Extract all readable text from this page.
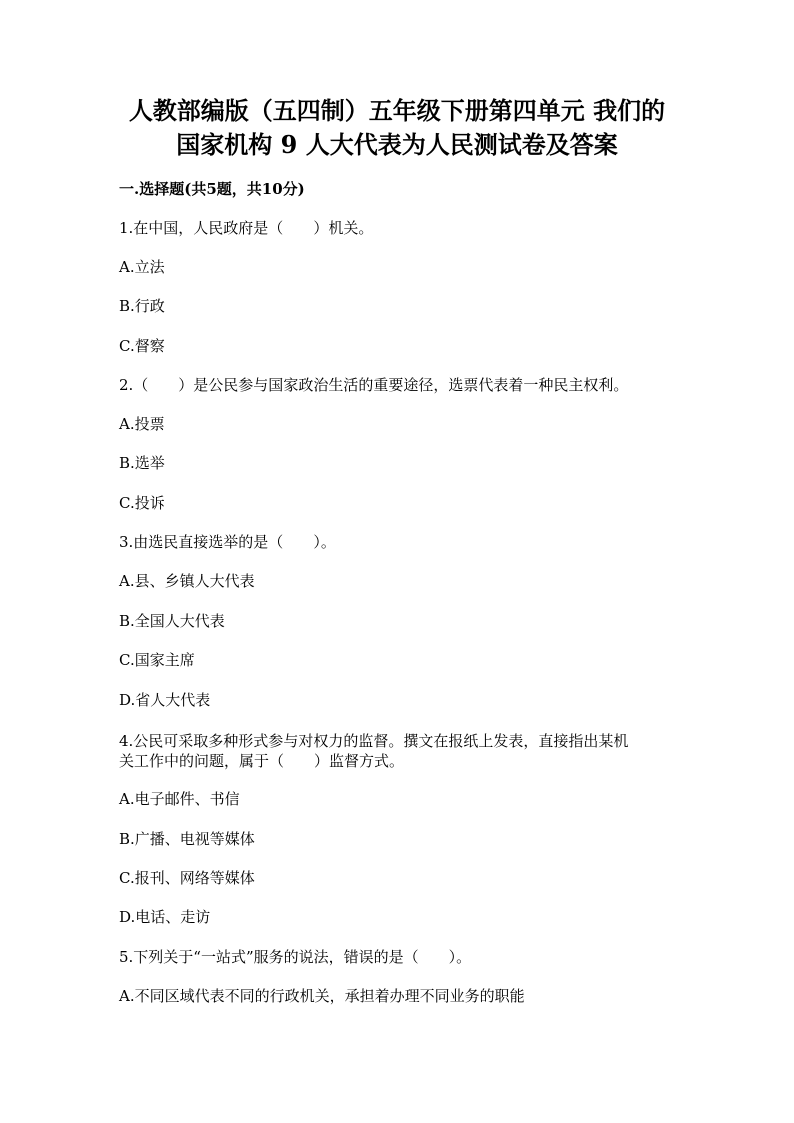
人教部编版（五四制）五年级下册第四单元 我们的
国家机构 9 人大代表为人民测试卷及答案
一.选择题(共5题，共10分)
1.在中国，人民政府是（　　）机关。
A.立法
B.行政
C.督察
2.（　　）是公民参与国家政治生活的重要途径，选票代表着一种民主权利。
A.投票
B.选举
C.投诉
3.由选民直接选举的是（　　）。
A.县、乡镇人大代表
B.全国人大代表
C.国家主席
D.省人大代表
4.公民可采取多种形式参与对权力的监督。撰文在报纸上发表，直接指出某机
关工作中的问题，属于（　　）监督方式。
A.电子邮件、书信
B.广播、电视等媒体
C.报刊、网络等媒体
D.电话、走访
5.下列关于“一站式”服务的说法，错误的是（　　）。
A.不同区域代表不同的行政机关，承担着办理不同业务的职能
